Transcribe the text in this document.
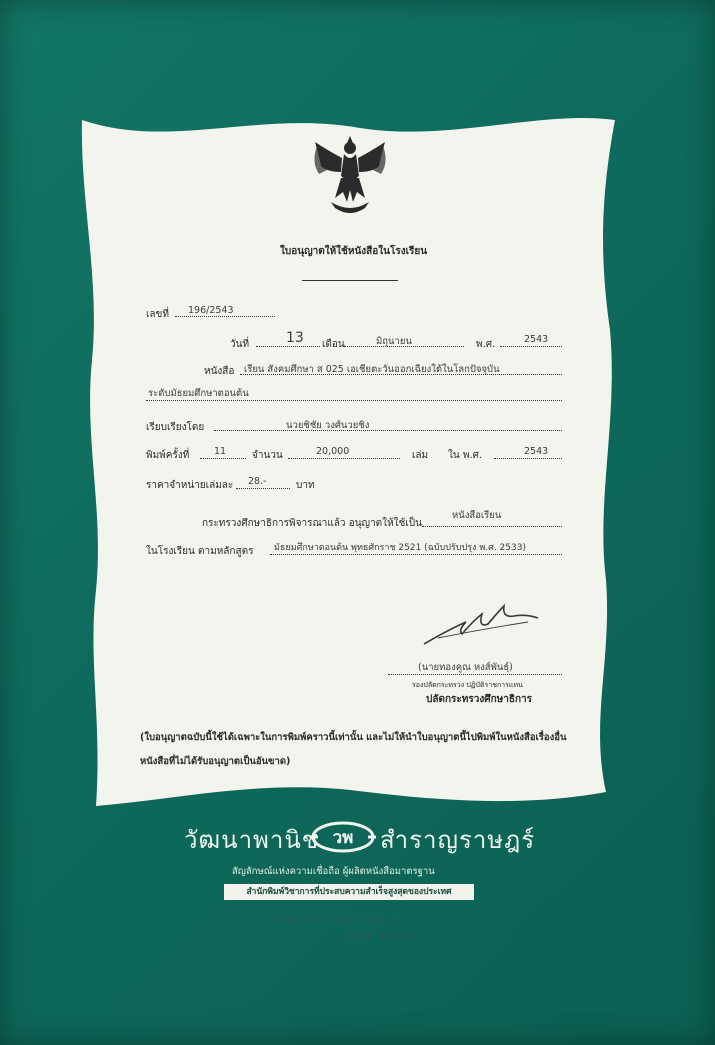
ใบอนุญาตให้ใช้หนังสือในโรงเรียน
เลขที่ 196/2543
วันที่	13 เดือน	มิถุนายน	พ.ศ.	2543
หนังสือ เรียน สังคมศึกษา ส 025 เอเชียตะวันออกเฉียงใต้ในโลกปัจจุบัน
ระดับมัธยมศึกษาตอนต้น
เรียบเรียงโดย	นวยชิชัย วงศ์นวยชิง
พิมพ์ครั้งที่	11	จำนวน	20,000	เล่ม ใน พ.ศ.	2543
ราคาจำหน่ายเล่มละ 28.-	บาท
กระทรวงศึกษาธิการพิจารณาแล้ว อนุญาตให้ใช้เป็น
หนังสือเรียน
ในโรงเรียน ตามหลักสูตร มัธยมศึกษาตอนต้น พุทธศักราช 2521 (ฉบับปรับปรุง พ.ศ. 2533)
(นายทองคูณ หงส์พันธุ์)
รองปลัดกระทรวง ปฏิบัติราชการแทน
ปลัดกระทรวงศึกษาธิการ
(ใบอนุญาตฉบับนี้ใช้ได้เฉพาะในการพิมพ์คราวนี้เท่านั้น และไม่ให้นำใบอนุญาตนี้ไปพิมพ์ในหนังสือเรื่องอื่น หนังสือที่ไม่ได้รับอนุญาตเป็นอันขาด)
วัฒนาพานิช วพ สำราญราษฎร์
สัญลักษณ์แห่งความเชื่อถือ ผู้ผลิตหนังสือมาตรฐาน
สำนักพิมพ์วิชาการที่ประสบความสำเร็จสูงสุดของประเทศ
ISBN 974-267-211-5
3147 19201
